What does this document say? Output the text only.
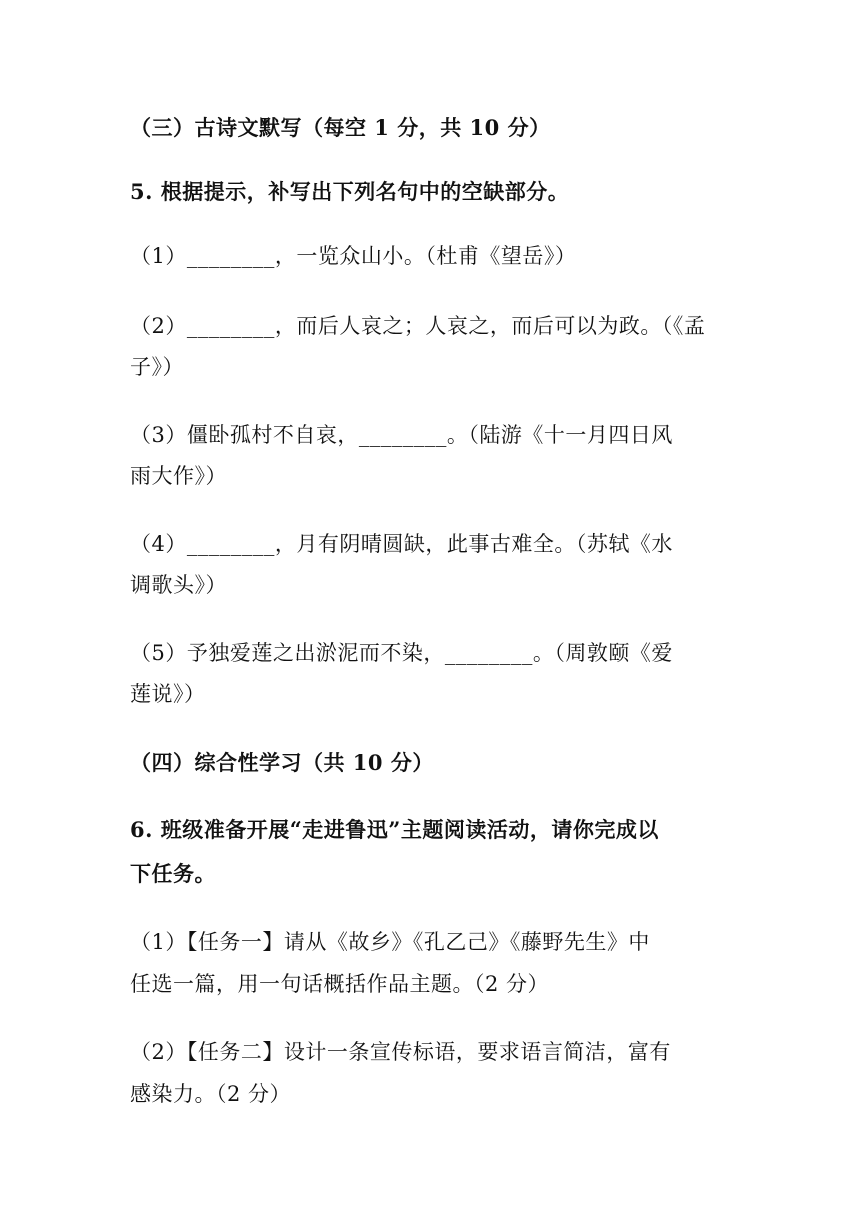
（三）古诗文默写（每空 1 分，共 10 分）
5. 根据提示，补写出下列名句中的空缺部分。
（1）________，一览众山小。（杜甫《望岳》）
（2）________，而后人哀之；人哀之，而后可以为政。（《孟
子》）
（3）僵卧孤村不自哀，________。（陆游《十一月四日风
雨大作》）
（4）________，月有阴晴圆缺，此事古难全。（苏轼《水
调歌头》）
（5）予独爱莲之出淤泥而不染，________。（周敦颐《爱
莲说》）
（四）综合性学习（共 10 分）
6. 班级准备开展“走进鲁迅”主题阅读活动，请你完成以
下任务。
（1）【任务一】请从《故乡》《孔乙己》《藤野先生》中
任选一篇，用一句话概括作品主题。（2 分）
（2）【任务二】设计一条宣传标语，要求语言简洁，富有
感染力。（2 分）
